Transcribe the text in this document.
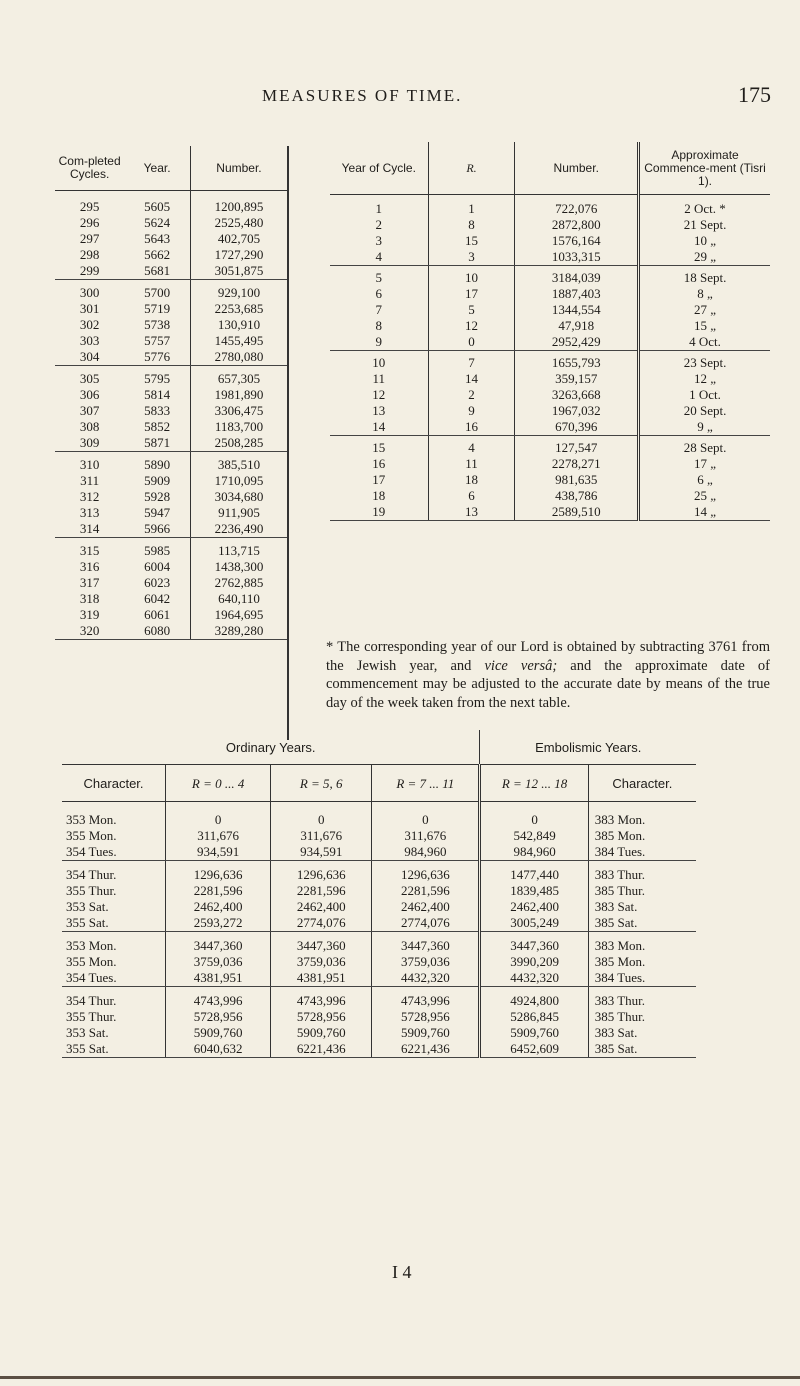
MEASURES OF TIME.	175
Com-pleted Cycles.	Year.	Number.
295	5605	1200,895
296	5624	2525,480
297	5643	402,705
298	5662	1727,290
299	5681	3051,875
300	5700	929,100
301	5719	2253,685
302	5738	130,910
303	5757	1455,495
304	5776	2780,080
305	5795	657,305
306	5814	1981,890
307	5833	3306,475
308	5852	1183,700
309	5871	2508,285
310	5890	385,510
311	5909	1710,095
312	5928	3034,680
313	5947	911,905
314	5966	2236,490
315	5985	113,715
316	6004	1438,300
317	6023	2762,885
318	6042	640,110
319	6061	1964,695
320	6080	3289,280
Year of Cycle.	R.	Number.	Approximate Commence-ment (Tisri 1).
1	1	722,076	2 Oct. *
2	8	2872,800	21 Sept.
3	15	1576,164	10 „
4	3	1033,315	29 „
5	10	3184,039	18 Sept.
6	17	1887,403	8 „
7	5	1344,554	27 „
8	12	47,918	15 „
9	0	2952,429	4 Oct.
10	7	1655,793	23 Sept.
11	14	359,157	12 „
12	2	3263,668	1 Oct.
13	9	1967,032	20 Sept.
14	16	670,396	9 „
15	4	127,547	28 Sept.
16	11	2278,271	17 „
17	18	981,635	6 „
18	6	438,786	25 „
19	13	2589,510	14 „
* The corresponding year of our Lord is obtained by subtracting 3761 from the Jewish year, and vice versâ; and the approximate date of commencement may be adjusted to the accurate date by means of the true day of the week taken from the next table.
Ordinary Years.				Embolismic Years.	
Character.	R = 0 ... 4	R = 5, 6	R = 7 ... 11	R = 12 ... 18	Character.
353 Mon.	0	0	0	0	383 Mon.
355 Mon.	311,676	311,676	311,676	542,849	385 Mon.
354 Tues.	934,591	934,591	984,960	984,960	384 Tues.
354 Thur.	1296,636	1296,636	1296,636	1477,440	383 Thur.
355 Thur.	2281,596	2281,596	2281,596	1839,485	385 Thur.
353 Sat.	2462,400	2462,400	2462,400	2462,400	383 Sat.
355 Sat.	2593,272	2774,076	2774,076	3005,249	385 Sat.
353 Mon.	3447,360	3447,360	3447,360	3447,360	383 Mon.
355 Mon.	3759,036	3759,036	3759,036	3990,209	385 Mon.
354 Tues.	4381,951	4381,951	4432,320	4432,320	384 Tues.
354 Thur.	4743,996	4743,996	4743,996	4924,800	383 Thur.
355 Thur.	5728,956	5728,956	5728,956	5286,845	385 Thur.
353 Sat.	5909,760	5909,760	5909,760	5909,760	383 Sat.
355 Sat.	6040,632	6221,436	6221,436	6452,609	385 Sat.
I 4
